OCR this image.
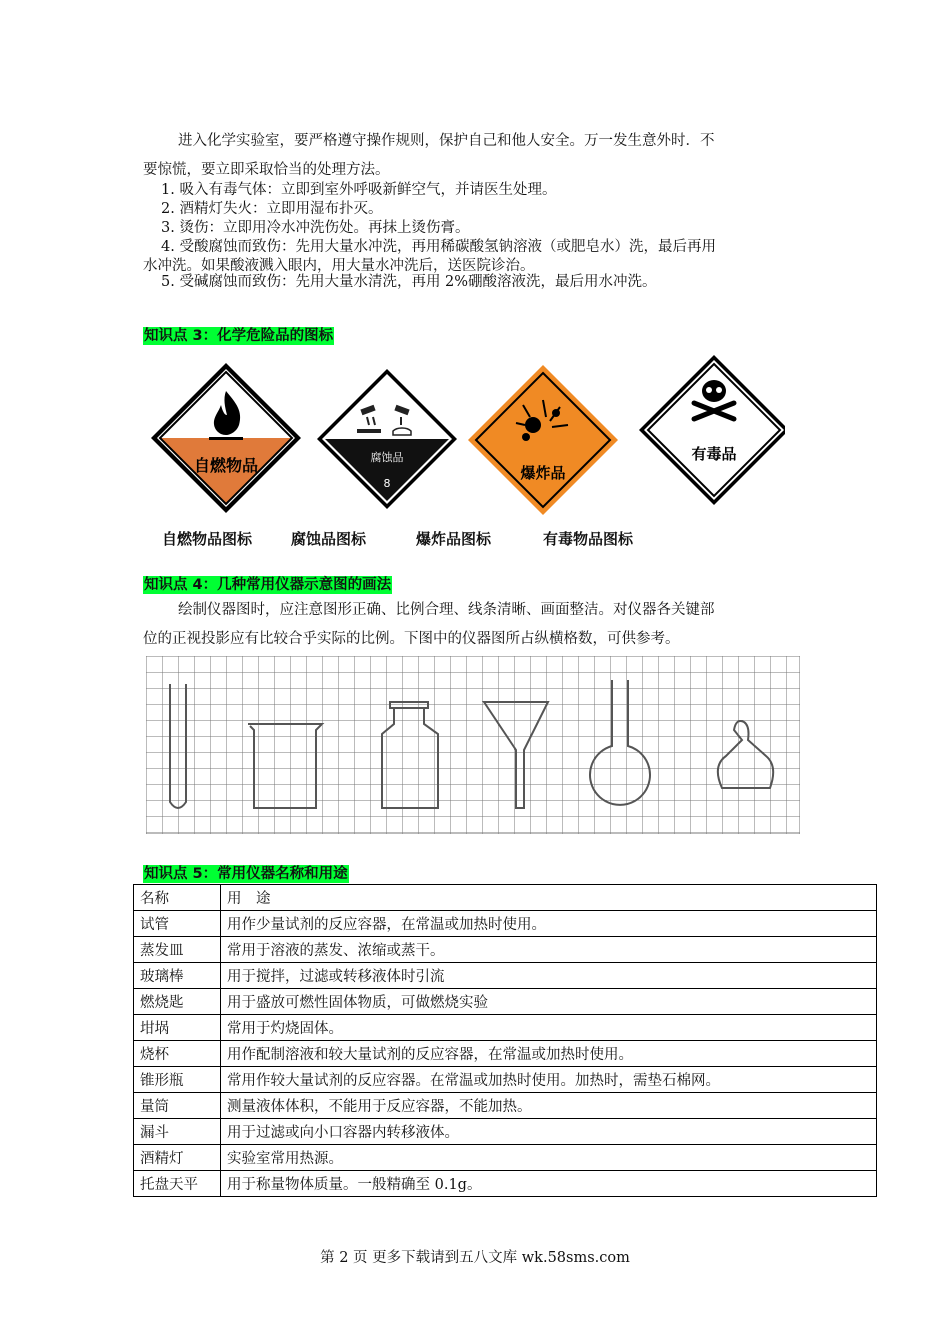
进入化学实验室，要严格遵守操作规则，保护自己和他人安全。万一发生意外时．不
要惊慌，要立即采取恰当的处理方法。
1. 吸入有毒气体：立即到室外呼吸新鲜空气，并请医生处理。
2. 酒精灯失火：立即用湿布扑灭。
3. 烫伤：立即用冷水冲洗伤处。再抹上烫伤膏。
4. 受酸腐蚀而致伤：先用大量水冲洗，再用稀碳酸氢钠溶液（或肥皂水）洗，最后再用
水冲洗。如果酸液溅入眼内，用大量水冲洗后，送医院诊治。
5. 受碱腐蚀而致伤：先用大量水清洗，再用 2%硼酸溶液洗，最后用水冲洗。
知识点 3：化学危险品的图标
自燃物品	腐蚀品
8
爆炸品
有毒品
自燃物品图标	腐蚀品图标	爆炸品图标	有毒物品图标
知识点 4：几种常用仪器示意图的画法
绘制仪器图时，应注意图形正确、比例合理、线条清晰、画面整洁。对仪器各关键部
位的正视投影应有比较合乎实际的比例。下图中的仪器图所占纵横格数，可供参考。
知识点 5：常用仪器名称和用途
名称	用　途
试管	用作少量试剂的反应容器，在常温或加热时使用。
蒸发皿	常用于溶液的蒸发、浓缩或蒸干。
玻璃棒	用于搅拌，过滤或转移液体时引流
燃烧匙	用于盛放可燃性固体物质，可做燃烧实验
坩埚	常用于灼烧固体。
烧杯	用作配制溶液和较大量试剂的反应容器，在常温或加热时使用。
锥形瓶	常用作较大量试剂的反应容器。在常温或加热时使用。加热时，需垫石棉网。
量筒	测量液体体积，不能用于反应容器，不能加热。
漏斗	用于过滤或向小口容器内转移液体。
酒精灯	实验室常用热源。
托盘天平	用于称量物体质量。一般精确至 0.1g。
第 2 页 更多下载请到五八文库 wk.58sms.com
